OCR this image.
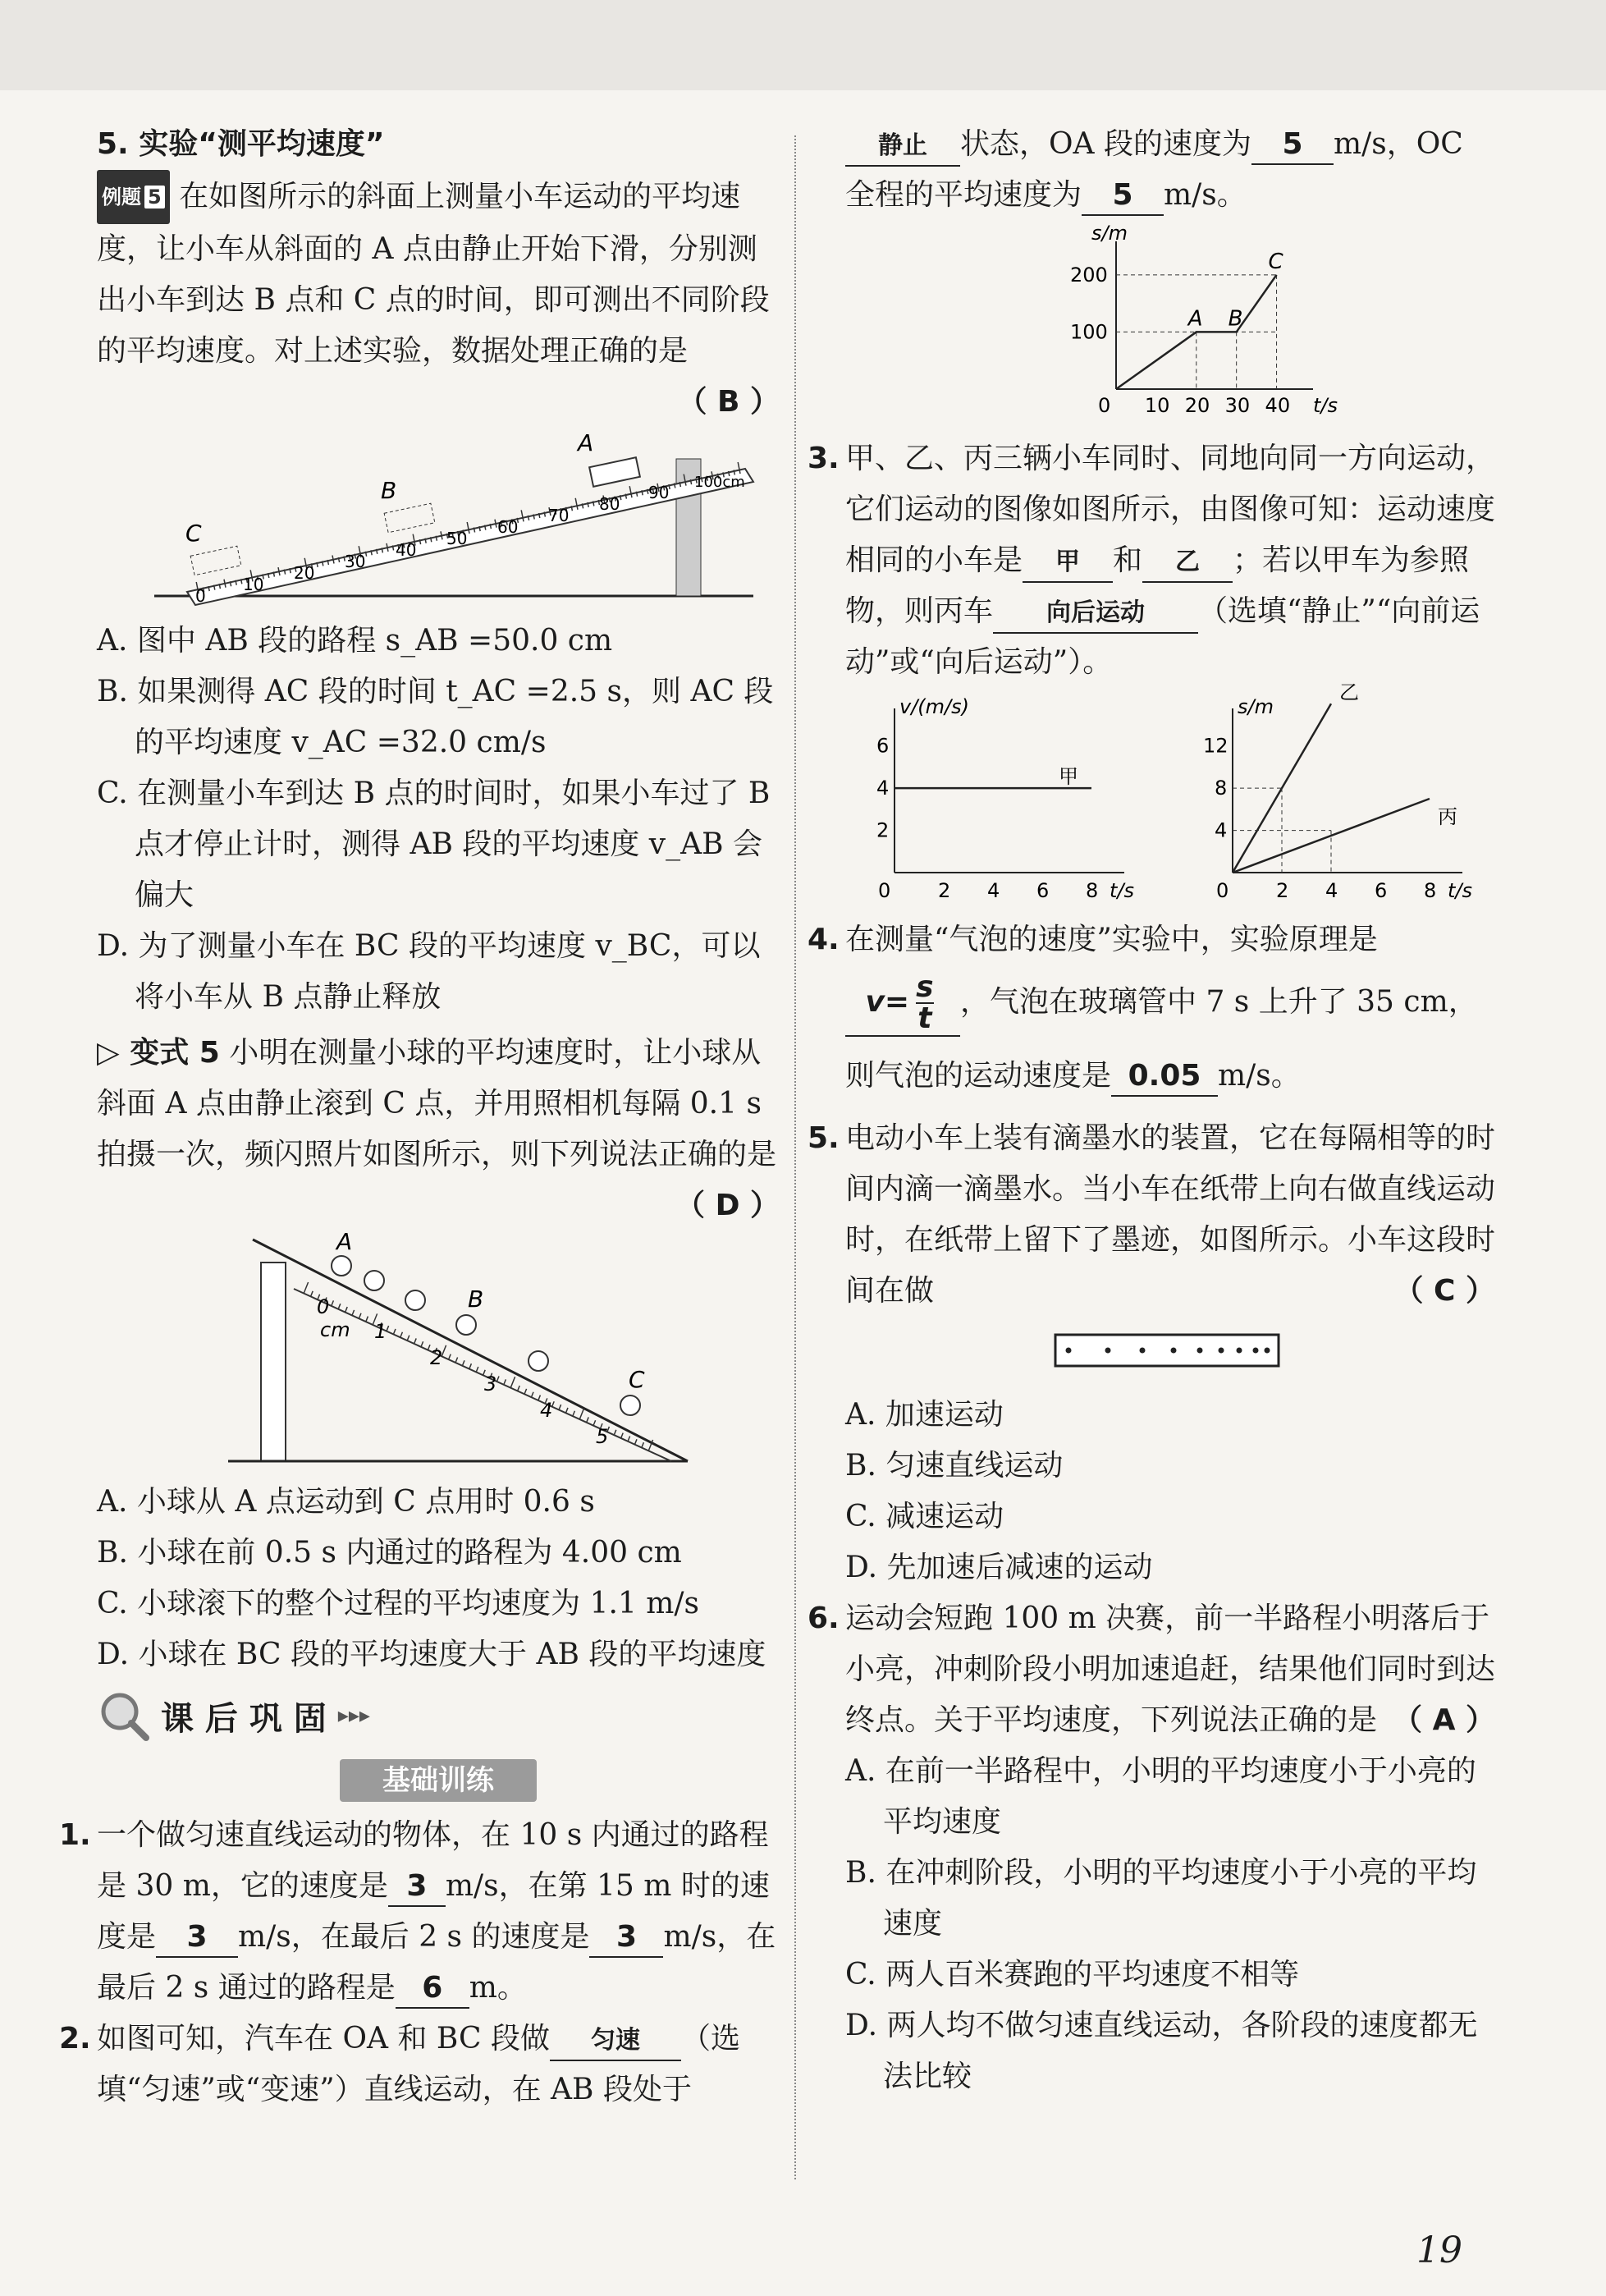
5. 实验“测平均速度”

例题 5 在如图所示的斜面上测量小车运动的平均速度，让小车从斜面的 A 点由静止开始下滑，分别测出小车到达 B 点和 C 点的时间，即可测出不同阶段的平均速度。对上述实验，数据处理正确的是
（ B ）

0
10
20
30
40
50
60
70
80
90
100cm
C
B
A

A. 图中 AB 段的路程 s_AB =50.0 cm

B. 如果测得 AC 段的时间 t_AC =2.5 s，则 AC 段的平均速度 v_AC =32.0 cm/s

C. 在测量小车到达 B 点的时间时，如果小车过了 B 点才停止计时，测得 AB 段的平均速度 v_AB 会偏大

D. 为了测量小车在 BC 段的平均速度 v_BC，可以将小车从 B 点静止释放

▷ 变式 5 小明在测量小球的平均速度时，让小球从斜面 A 点由静止滚到 C 点，并用照相机每隔 0.1 s 拍摄一次，频闪照片如图所示，则下列说法正确的是
（ D ）

A
B
C
0
cm 1
2
3
4
5

A. 小球从 A 点运动到 C 点用时 0.6 s

B. 小球在前 0.5 s 内通过的路程为 4.00 cm

C. 小球滚下的整个过程的平均速度为 1.1 m/s

D. 小球在 BC 段的平均速度大于 AB 段的平均速度

课 后 巩 固 ▸▸▸
基础训练

1. 一个做匀速直线运动的物体，在 10 s 内通过的路程是 30 m，它的速度是 3 m/s，在第 15 m 时的速度是 3 m/s，在最后 2 s 的速度是 3 m/s，在最后 2 s 通过的路程是 6 m。

2. 如图可知，汽车在 OA 和 BC 段做 匀速 （选填“匀速”或“变速”）直线运动，在 AB 段处于

静止 状态，OA 段的速度为 5 m/s，OC 全程的平均速度为 5 m/s。

s/m
t/s
0 10 20 30 40
100
200
A B
C

3. 甲、乙、丙三辆小车同时、同地向同一方向运动，它们运动的图像如图所示，由图像可知：运动速度相同的小车是 甲 和 乙 ；若以甲车为参照物，则丙车 向后运动 （选填“静止”“向前运动”或“向后运动”）。

v/(m/s)
t/s
0 2 4 6 8
2
4
6
甲
s/m
t/s
0 2 4 6 8
4
8
12
乙
丙

4. 在测量“气泡的速度”实验中，实验原理是

$v= \frac{s}{t}$ ，气泡在玻璃管中 7 s 上升了 35 cm，则气泡的运动速度是 0.05 m/s。

5. 电动小车上装有滴墨水的装置，它在每隔相等的时间内滴一滴墨水。当小车在纸带上向右做直线运动时，在纸带上留下了墨迹，如图所示。小车这段时间在做	（ C ）

A. 加速运动

B. 匀速直线运动

C. 减速运动

D. 先加速后减速的运动

6. 运动会短跑 100 m 决赛，前一半路程小明落后于小亮，冲刺阶段小明加速追赶，结果他们同时到达终点。关于平均速度，下列说法正确的是 （ A ）

A. 在前一半路程中，小明的平均速度小于小亮的平均速度

B. 在冲刺阶段，小明的平均速度小于小亮的平均速度

C. 两人百米赛跑的平均速度不相等

D. 两人均不做匀速直线运动，各阶段的速度都无法比较

19
